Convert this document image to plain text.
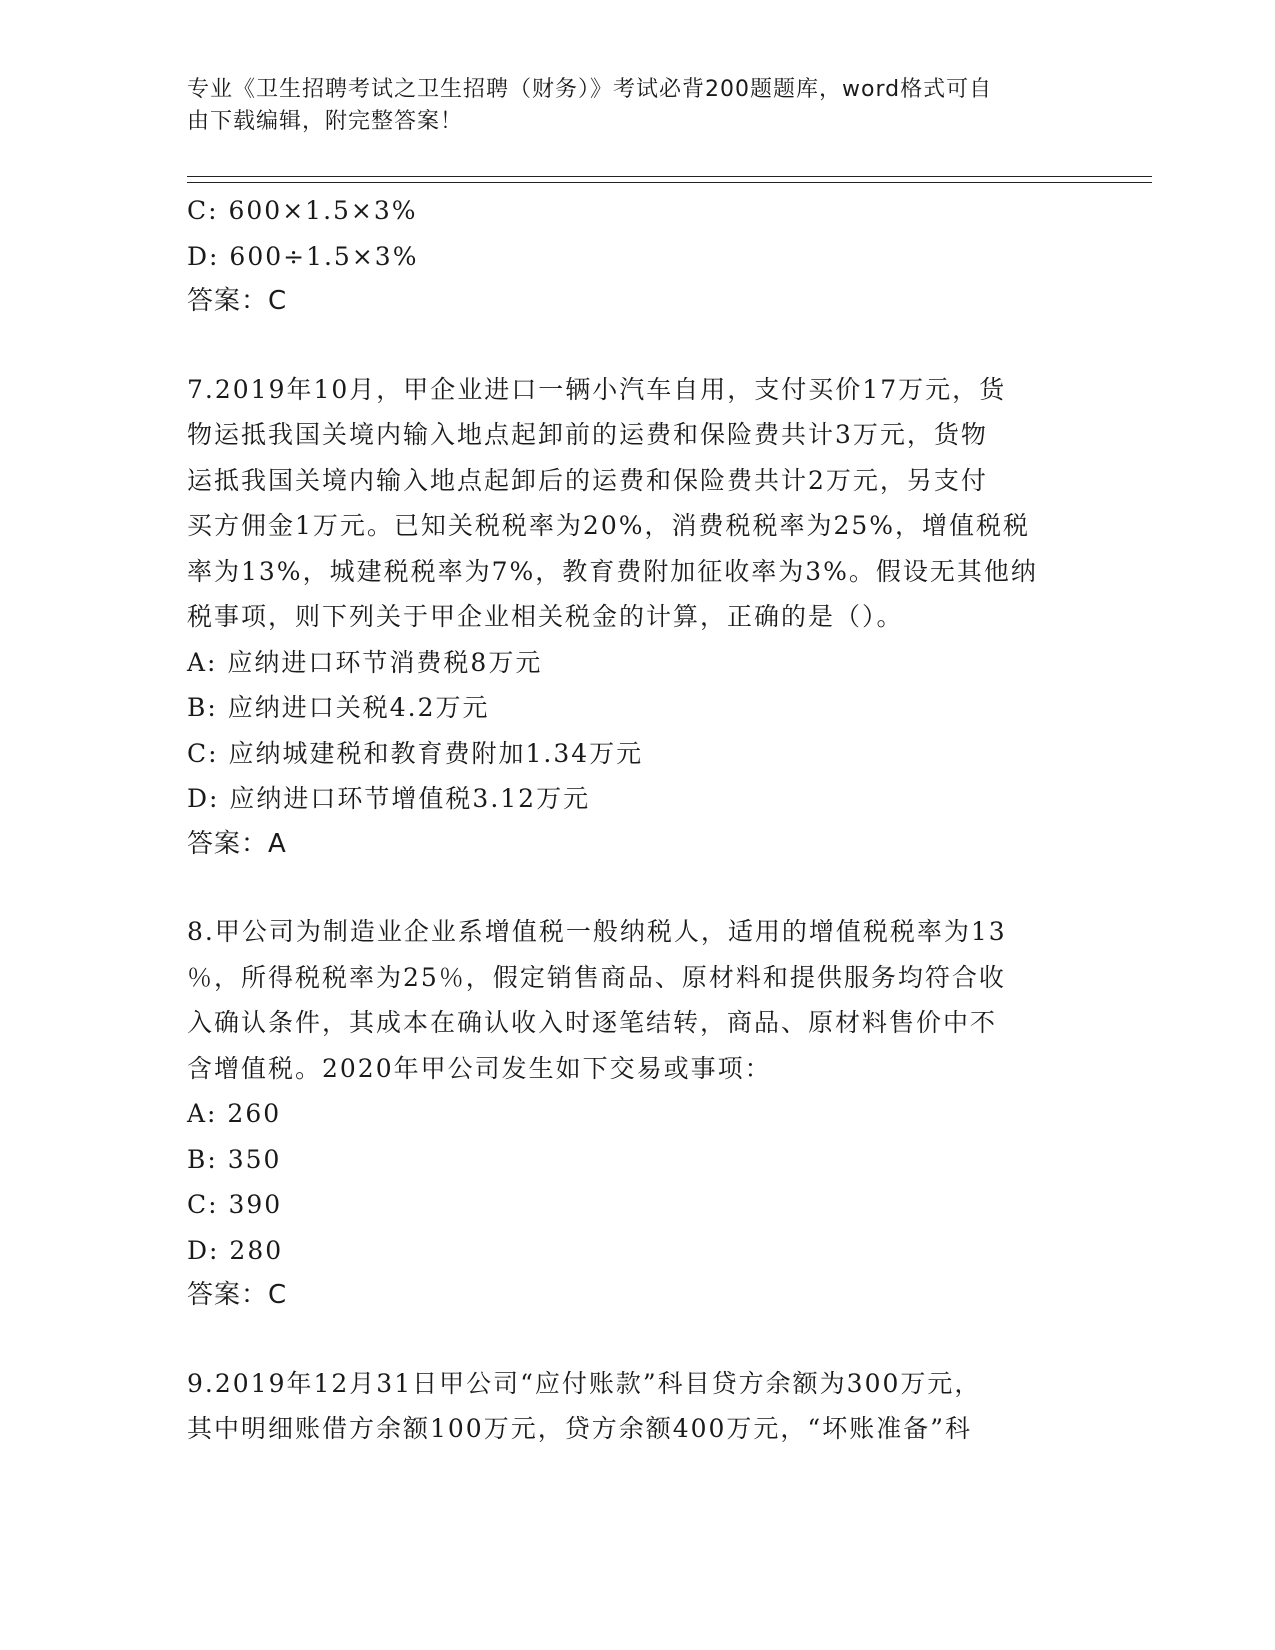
专业《卫生招聘考试之卫生招聘（财务）》考试必背200题题库，word格式可自
由下载编辑，附完整答案！
C: 600×1.5×3%
D: 600÷1.5×3%
答案：C
7.2019年10月，甲企业进口一辆小汽车自用，支付买价17万元，货
物运抵我国关境内输入地点起卸前的运费和保险费共计3万元，货物
运抵我国关境内输入地点起卸后的运费和保险费共计2万元，另支付
买方佣金1万元。已知关税税率为20%，消费税税率为25%，增值税税
率为13%，城建税税率为7%，教育费附加征收率为3%。假设无其他纳
税事项，则下列关于甲企业相关税金的计算，正确的是（）。
A: 应纳进口环节消费税8万元
B: 应纳进口关税4.2万元
C: 应纳城建税和教育费附加1.34万元
D: 应纳进口环节增值税3.12万元
答案：A
8.甲公司为制造业企业系增值税一般纳税人，适用的增值税税率为13
％，所得税税率为25％，假定销售商品、原材料和提供服务均符合收
入确认条件，其成本在确认收入时逐笔结转，商品、原材料售价中不
含增值税。2020年甲公司发生如下交易或事项：
A: 260
B: 350
C: 390
D: 280
答案：C
9.2019年12月31日甲公司“应付账款”科目贷方余额为300万元，
其中明细账借方余额100万元，贷方余额400万元，“坏账准备”科
